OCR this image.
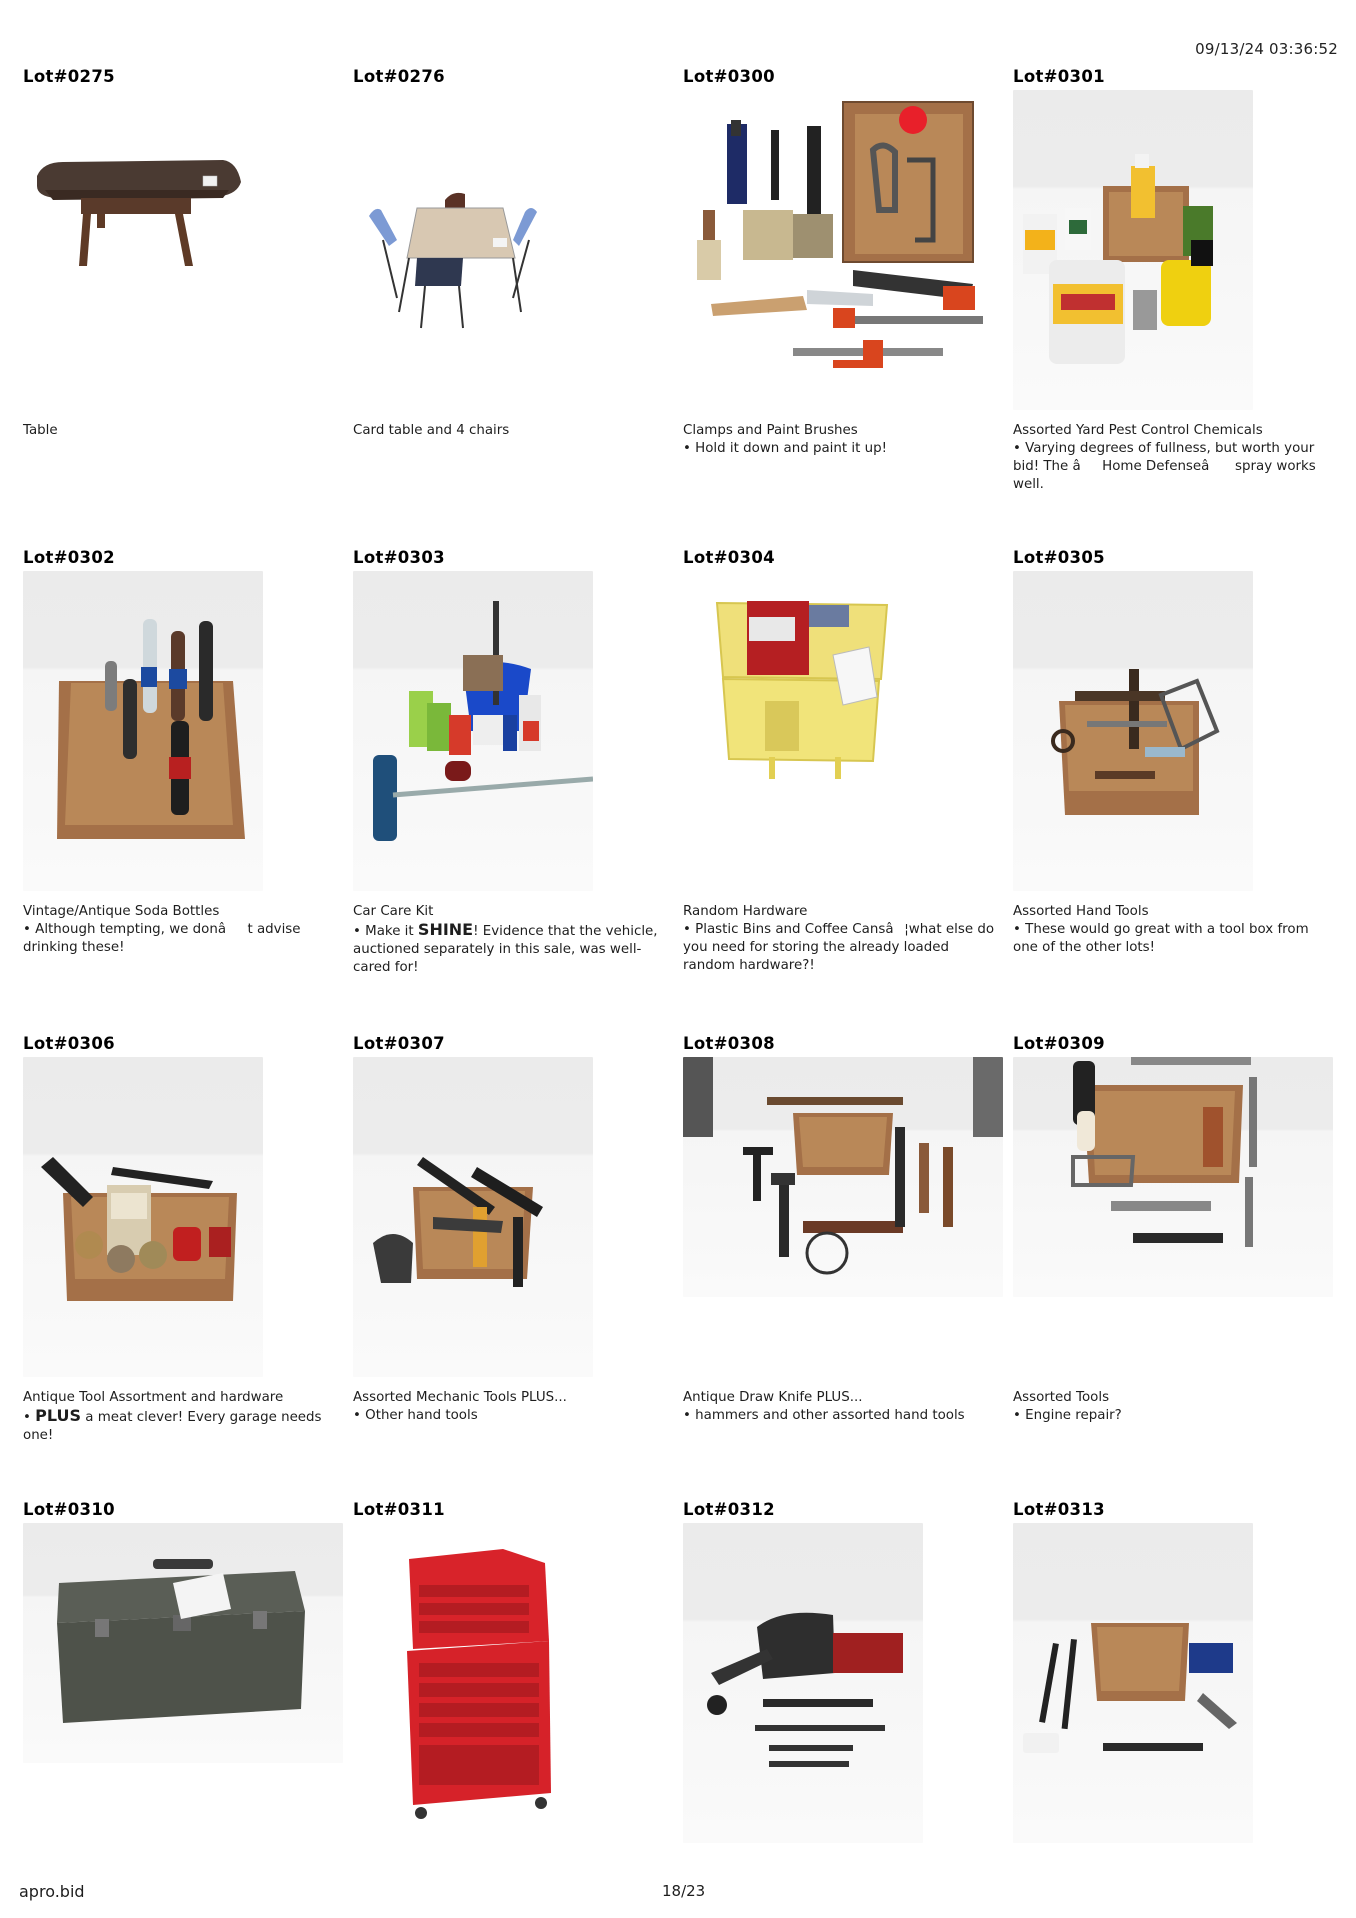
09/13/24 03:36:52
Lot#0275
Table
Lot#0276
Card table and 4 chairs
Lot#0300
Clamps and Paint Brushes
• Hold it down and paint it up!
Lot#0301
Assorted Yard Pest Control Chemicals
• Varying degrees of fullness, but worth your bid! The âHome Defenseâ spray works well.
Lot#0302
Vintage/Antique Soda Bottles
• Although tempting, we donât advise drinking these!
Lot#0303
Car Care Kit
• Make it SHINE! Evidence that the vehicle, auctioned separately in this sale, was well-cared for!
Lot#0304
Random Hardware
• Plastic Bins and Coffee Cansâ¦what else do you need for storing the already loaded random hardware?!
Lot#0305
Assorted Hand Tools
• These would go great with a tool box from one of the other lots!
Lot#0306
Antique Tool Assortment and hardware
• PLUS a meat clever! Every garage needs one!
Lot#0307
Assorted Mechanic Tools PLUS...
• Other hand tools
Lot#0308
Antique Draw Knife PLUS...
• hammers and other assorted hand tools
Lot#0309
Assorted Tools
• Engine repair?
Lot#0310	Lot#0311	Lot#0312	Lot#0313
apro.bid	18/23
